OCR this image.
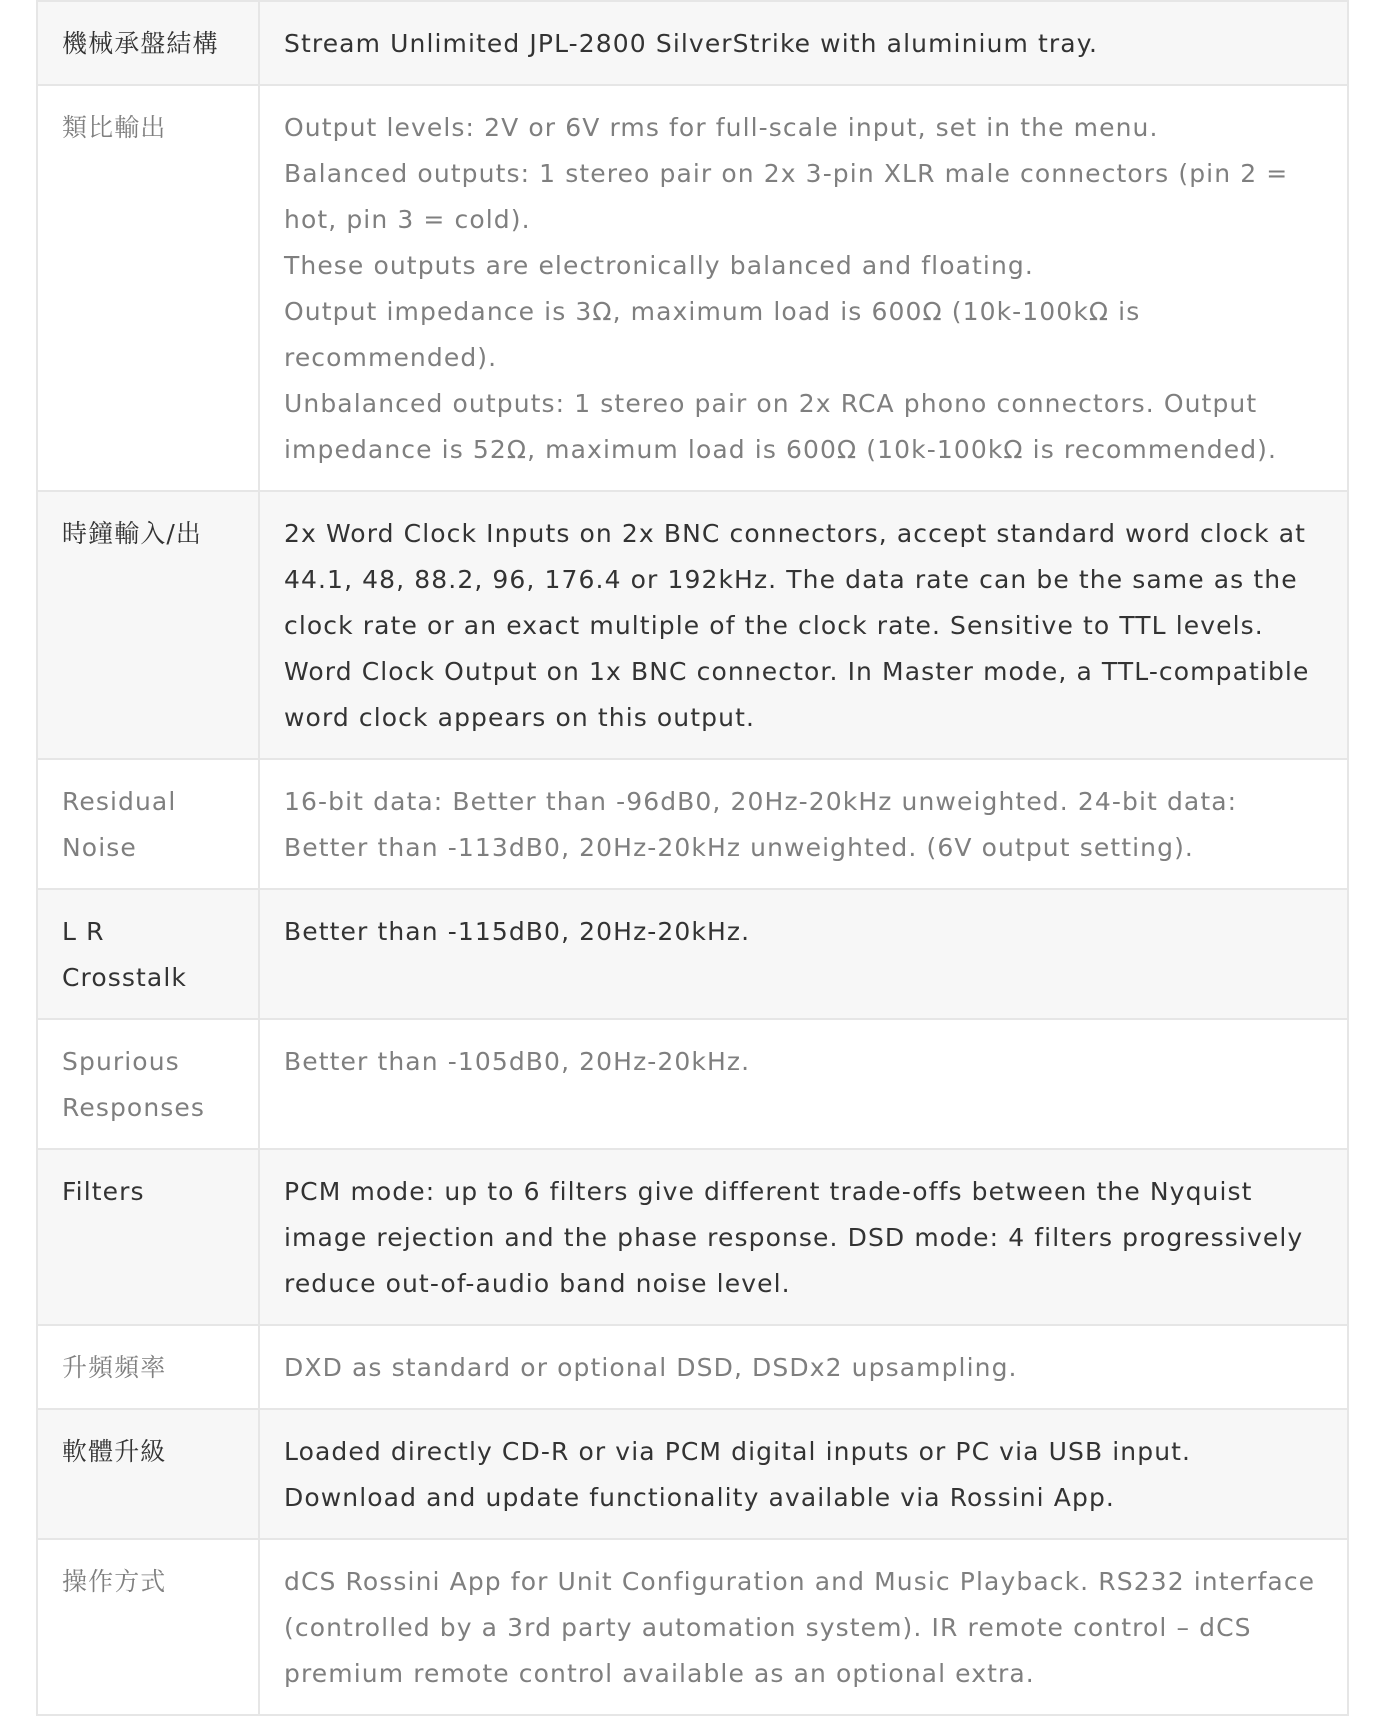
機械承盤結構	Stream Unlimited JPL-2800 SilverStrike with aluminium tray.

類比輸出	Output levels: 2V or 6V rms for full-scale input, set in the menu.
Balanced outputs: 1 stereo pair on 2x 3-pin XLR male connectors (pin 2 = hot, pin 3 = cold).
These outputs are electronically balanced and floating.
Output impedance is 3Ω, maximum load is 600Ω (10k-100kΩ is recommended).
Unbalanced outputs: 1 stereo pair on 2x RCA phono connectors. Output impedance is 52Ω, maximum load is 600Ω (10k-100kΩ is recommended).

時鐘輸入/出	2x Word Clock Inputs on 2x BNC connectors, accept standard word clock at 44.1, 48, 88.2, 96, 176.4 or 192kHz. The data rate can be the same as the clock rate or an exact multiple of the clock rate. Sensitive to TTL levels.
Word Clock Output on 1x BNC connector. In Master mode, a TTL-compatible word clock appears on this output.

Residual Noise	16-bit data: Better than -96dB0, 20Hz-20kHz unweighted. 24-bit data: Better than -113dB0, 20Hz-20kHz unweighted. (6V output setting).

L R Crosstalk	Better than -115dB0, 20Hz-20kHz.

Spurious Responses	Better than -105dB0, 20Hz-20kHz.

Filters	PCM mode: up to 6 filters give different trade-offs between the Nyquist image rejection and the phase response. DSD mode: 4 filters progressively reduce out-of-audio band noise level.

升頻頻率	DXD as standard or optional DSD, DSDx2 upsampling.

軟體升級	Loaded directly CD-R or via PCM digital inputs or PC via USB input.
Download and update functionality available via Rossini App.

操作方式	dCS Rossini App for Unit Configuration and Music Playback. RS232 interface (controlled by a 3rd party automation system). IR remote control – dCS premium remote control available as an optional extra.
